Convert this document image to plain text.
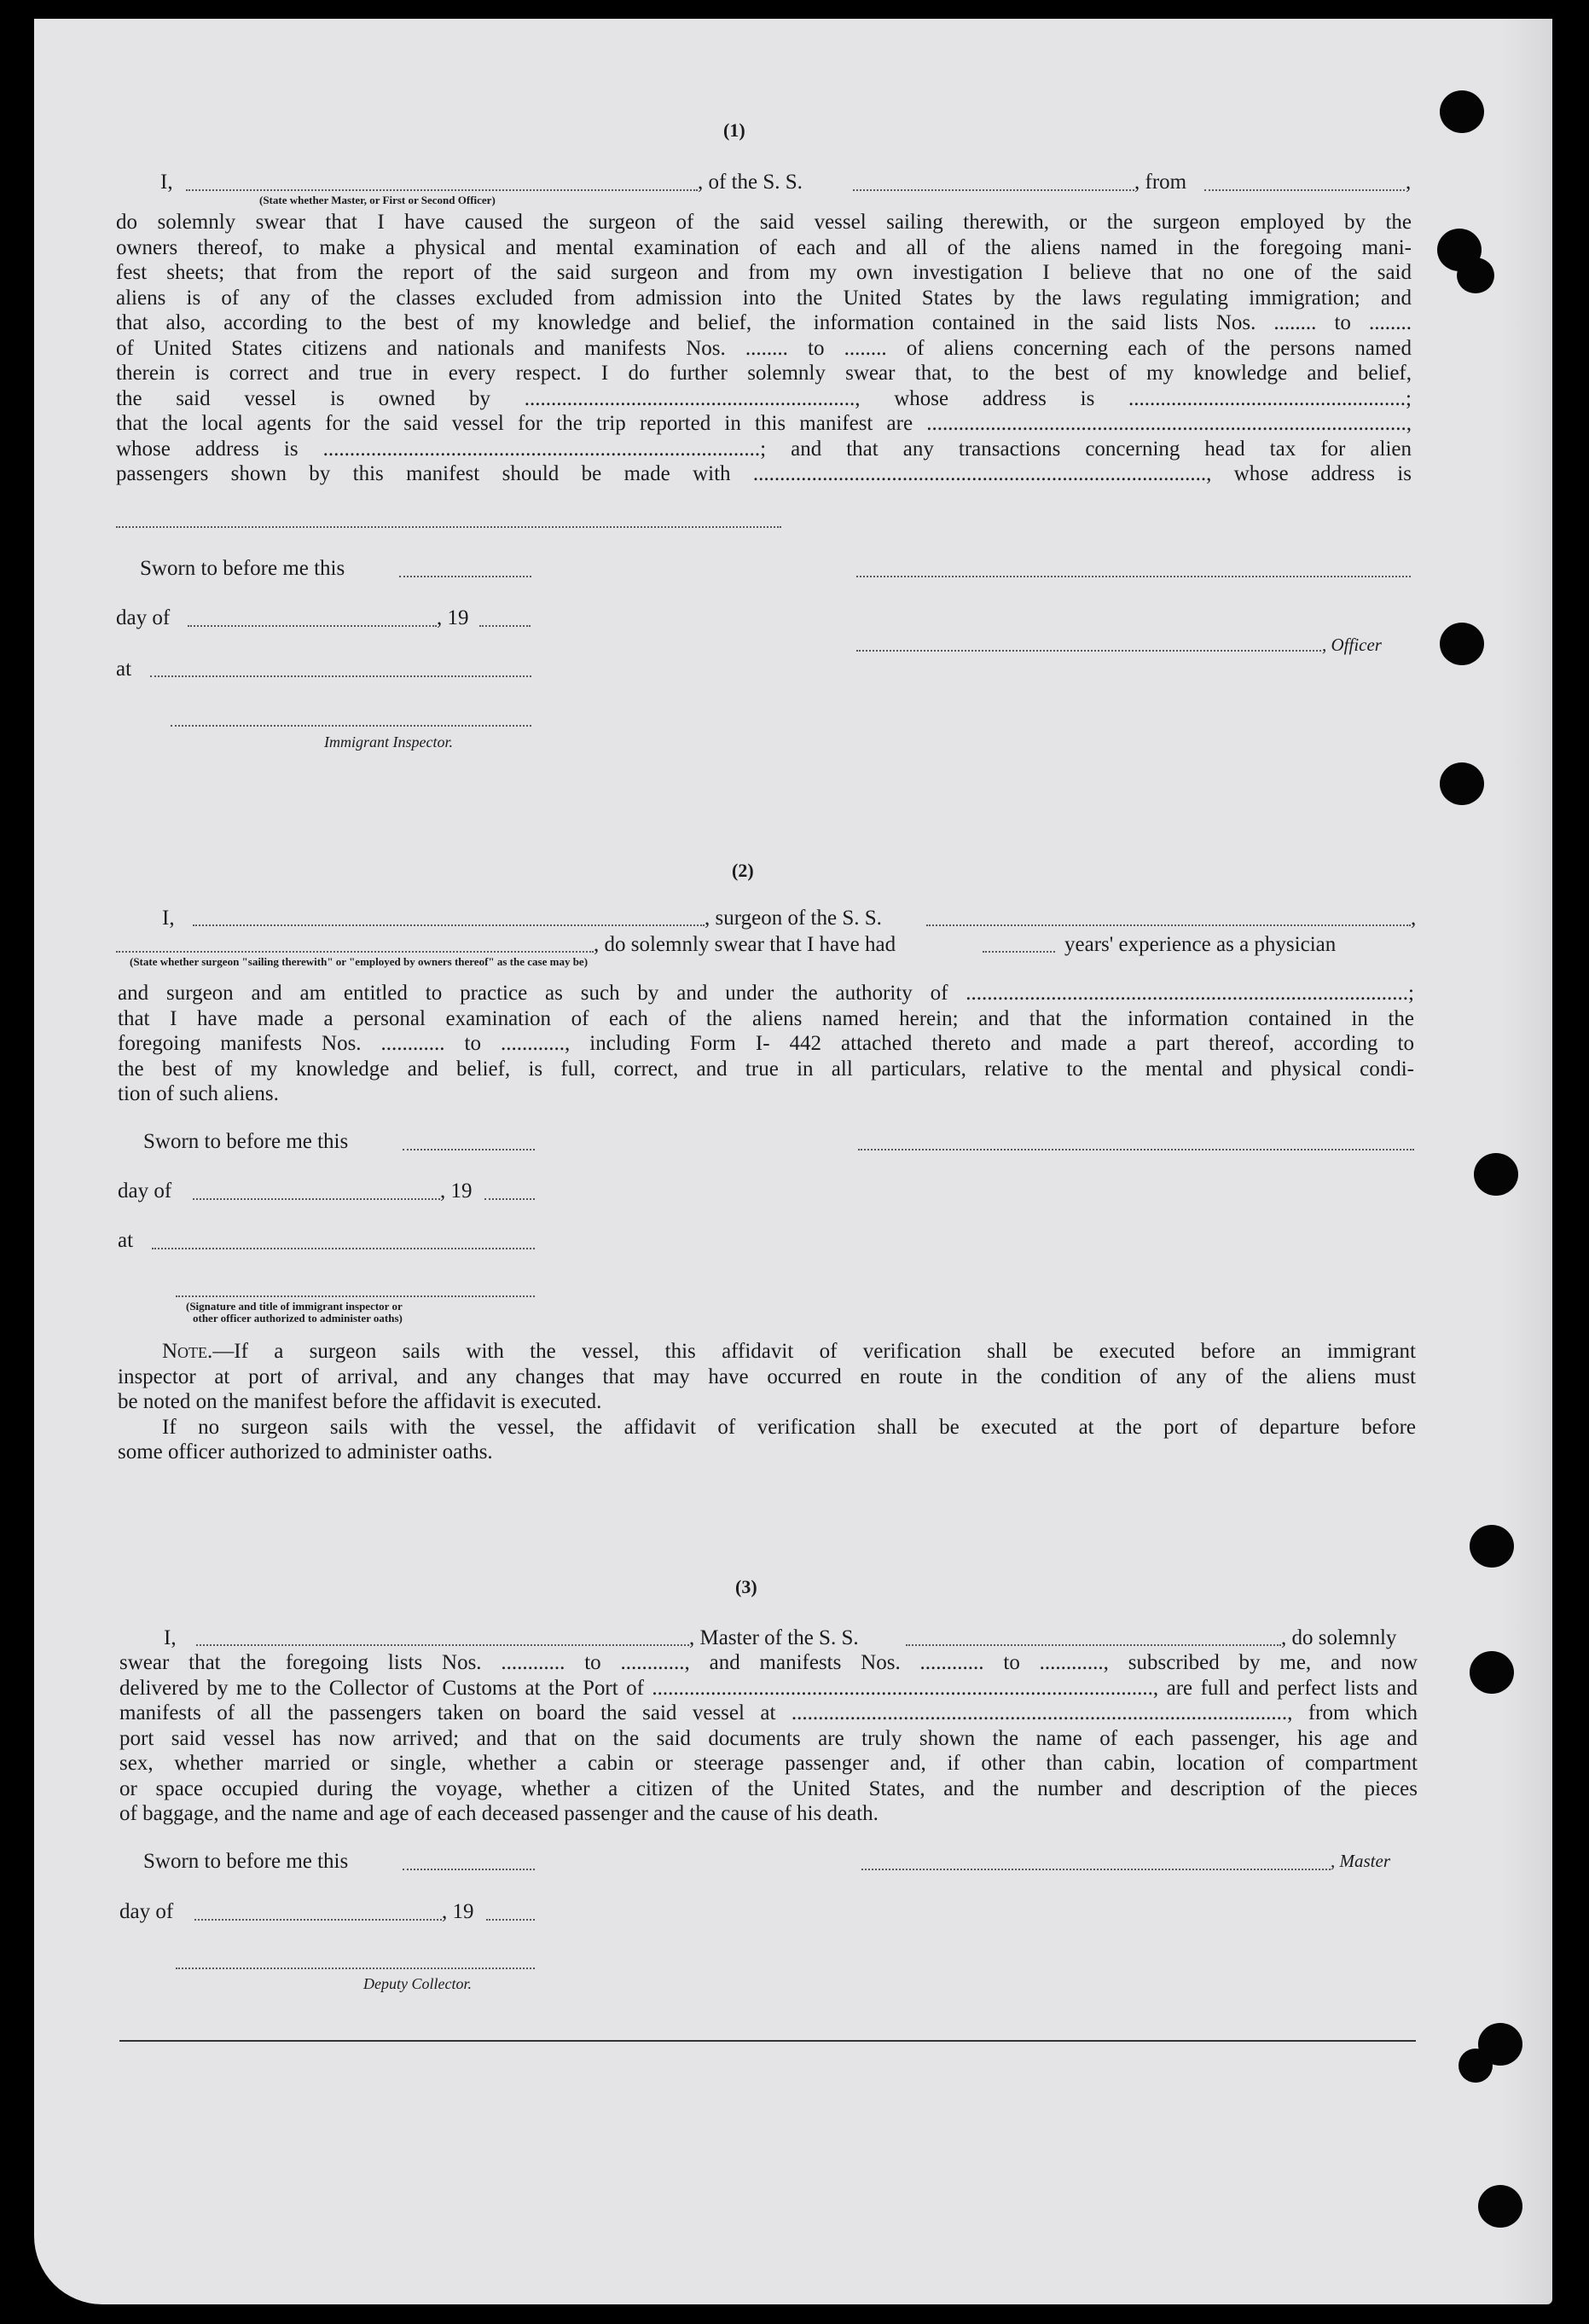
(1)
I,	, of the S. S.	, from	,
(State whether Master, or First or Second Officer)
do solemnly swear that I have caused the surgeon of the said vessel sailing therewith, or the surgeon employed by the
owners thereof, to make a physical and mental examination of each and all of the aliens named in the foregoing mani-
fest sheets; that from the report of the said surgeon and from my own investigation I believe that no one of the said
aliens is of any of the classes excluded from admission into the United States by the laws regulating immigration; and
that also, according to the best of my knowledge and belief, the information contained in the said lists Nos. ........ to ........
of United States citizens and nationals and manifests Nos. ........ to ........ of aliens concerning each of the persons named
therein is correct and true in every respect. I do further solemnly swear that, to the best of my knowledge and belief,
the said vessel is owned by .............................................................., whose address is ....................................................;
that the local agents for the said vessel for the trip reported in this manifest are ..........................................................................................,
whose address is ..................................................................................; and that any transactions concerning head tax for alien
passengers shown by this manifest should be made with ....................................................................................., whose address is
Sworn to before me this
day of	, 19
, Officer
at
Immigrant Inspector.
(2)
I,	, surgeon of the S. S.	,
, do solemnly swear that I have had	years' experience as a physician
(State whether surgeon "sailing therewith" or "employed by owners thereof" as the case may be)
and surgeon and am entitled to practice as such by and under the authority of ...................................................................................;
that I have made a personal examination of each of the aliens named herein; and that the information contained in the
foregoing manifests Nos. ............ to ............, including Form I- 442 attached thereto and made a part thereof, according to
the best of my knowledge and belief, is full, correct, and true in all particulars, relative to the mental and physical condi-
tion of such aliens.
Sworn to before me this
day of	, 19
at
(Signature and title of immigrant inspector or
other officer authorized to administer oaths)
Note.—If a surgeon sails with the vessel, this affidavit of verification shall be executed before an immigrant
inspector at port of arrival, and any changes that may have occurred en route in the condition of any of the aliens must
be noted on the manifest before the affidavit is executed.
If no surgeon sails with the vessel, the affidavit of verification shall be executed at the port of departure before
some officer authorized to administer oaths.
(3)
I,	, Master of the S. S.	, do solemnly
swear that the foregoing lists Nos. ............ to ............, and manifests Nos. ............ to ............, subscribed by me, and now
delivered by me to the Collector of Customs at the Port of .............................................................................................., are full and perfect lists and
manifests of all the passengers taken on board the said vessel at ............................................................................................., from which
port said vessel has now arrived; and that on the said documents are truly shown the name of each passenger, his age and
sex, whether married or single, whether a cabin or steerage passenger and, if other than cabin, location of compartment
or space occupied during the voyage, whether a citizen of the United States, and the number and description of the pieces
of baggage, and the name and age of each deceased passenger and the cause of his death.
Sworn to before me this	, Master
day of	, 19
Deputy Collector.
